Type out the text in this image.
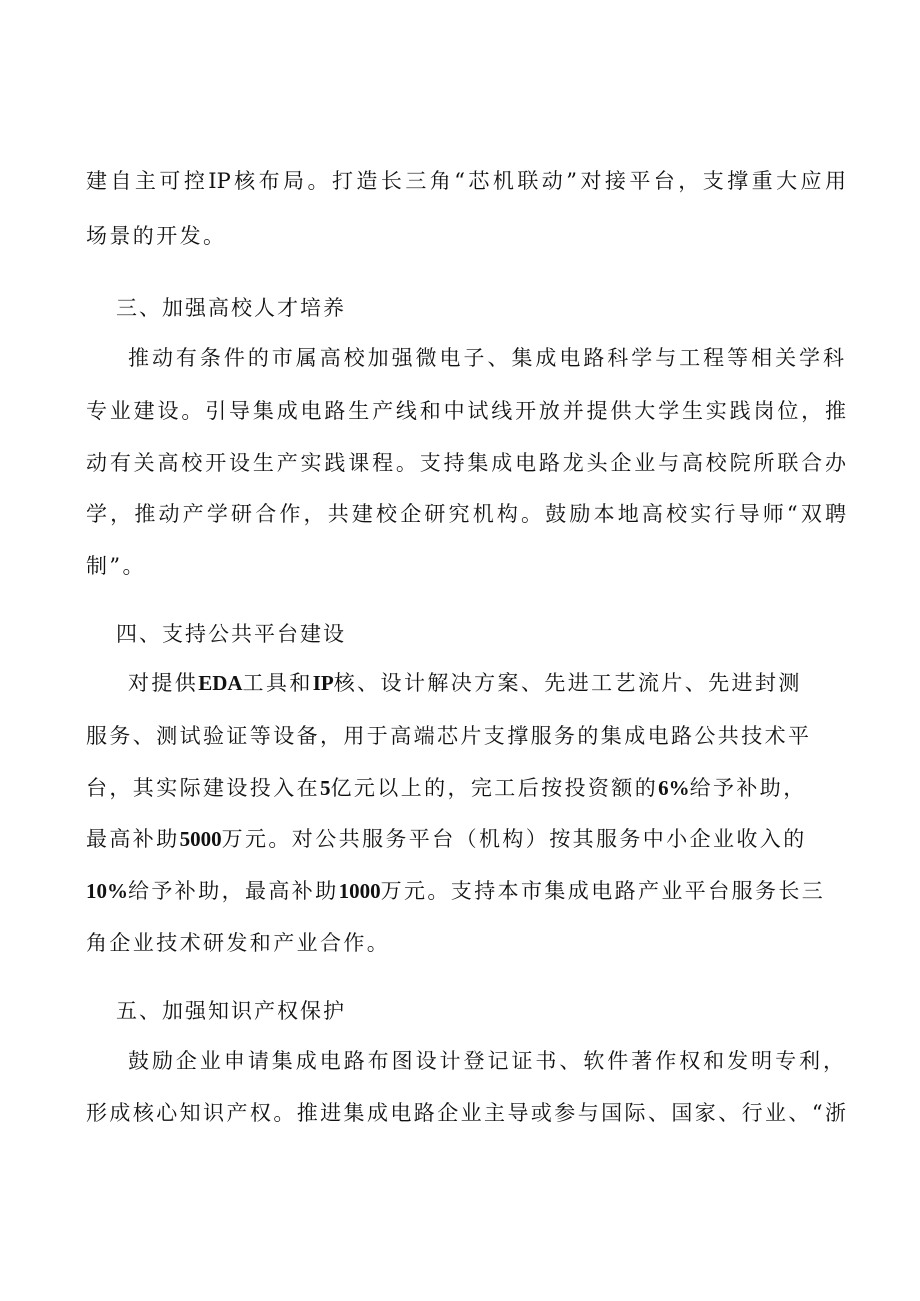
建自主可控IP核布局。打造长三角“芯机联动”对接平台，支撑重大应用
场景的开发。
三、加强高校人才培养
推动有条件的市属高校加强微电子、集成电路科学与工程等相关学科
专业建设。引导集成电路生产线和中试线开放并提供大学生实践岗位，推
动有关高校开设生产实践课程。支持集成电路龙头企业与高校院所联合办
学，推动产学研合作，共建校企研究机构。鼓励本地高校实行导师“双聘
制”。
四、支持公共平台建设
对提供EDA工具和IP核、设计解决方案、先进工艺流片、先进封测
服务、测试验证等设备，用于高端芯片支撑服务的集成电路公共技术平
台，其实际建设投入在5亿元以上的，完工后按投资额的6%给予补助，
最高补助5000万元。对公共服务平台（机构）按其服务中小企业收入的
10%给予补助，最高补助1000万元。支持本市集成电路产业平台服务长三
角企业技术研发和产业合作。
五、加强知识产权保护
鼓励企业申请集成电路布图设计登记证书、软件著作权和发明专利，
形成核心知识产权。推进集成电路企业主导或参与国际、国家、行业、“浙
